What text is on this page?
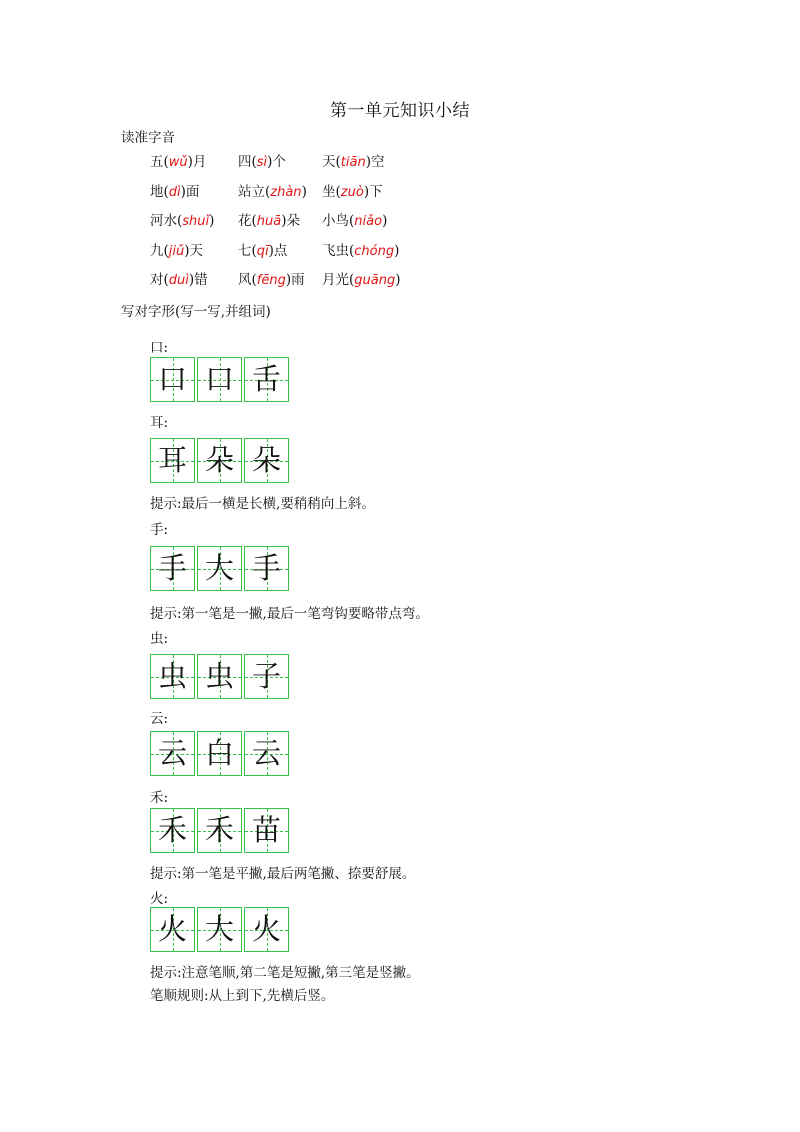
第一单元知识小结
读准字音
五(wǔ)月 四(sì)个	天(tiān)空
地(dì)面	站立(zhàn) 坐(zuò)下
河水(shuǐ) 花(huā)朵 小鸟(niǎo)
九(jiǔ)天	七(qī)点	飞虫(chóng)
对(duì)错 风(fēng)雨 月光(guāng)
写对字形(写一写,并组词)
口:
口 口 舌
耳:
耳 朵 朵
提示:最后一横是长横,要稍稍向上斜。
手:
手 大 手
提示:第一笔是一撇,最后一笔弯钩要略带点弯。
虫:
虫 虫 子
云:
云 白 云
禾:
禾 禾 苗
提示:第一笔是平撇,最后两笔撇、捺要舒展。
火:
火 大 火
提示:注意笔顺,第二笔是短撇,第三笔是竖撇。
笔顺规则:从上到下,先横后竖。
